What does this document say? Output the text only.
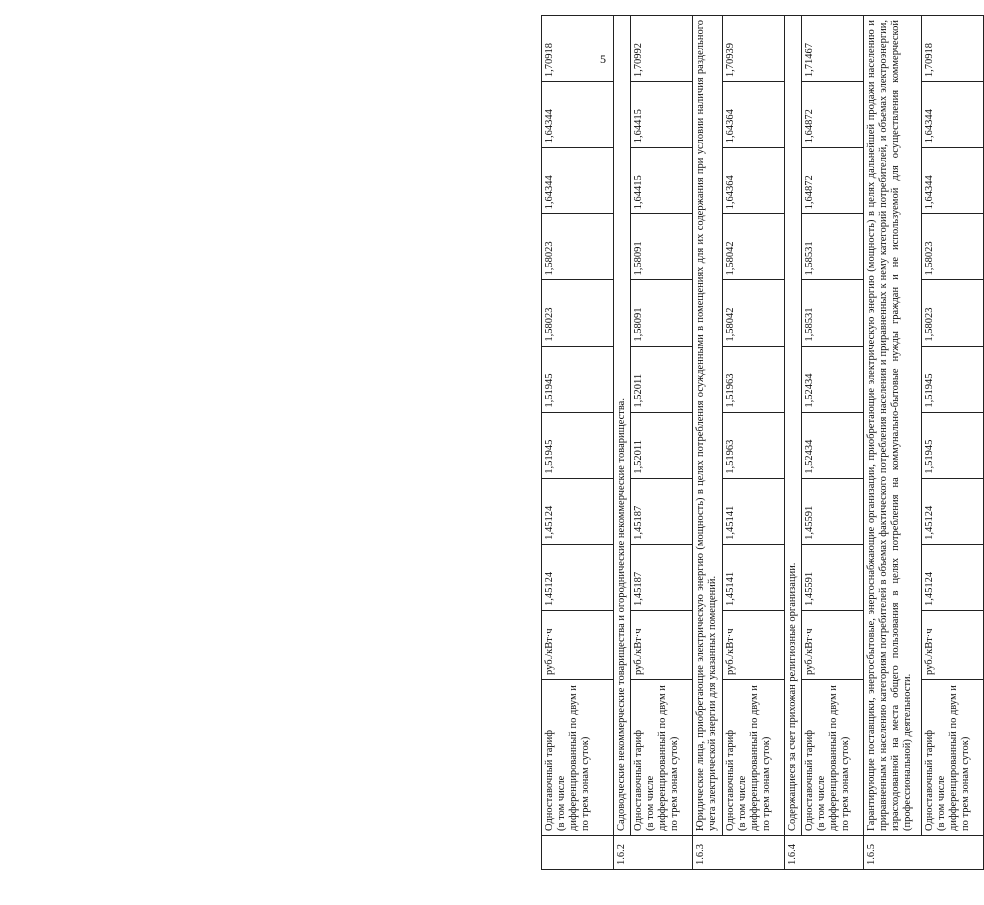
5

	Одноставочный тариф (в том числе дифференцированный по двум и по трем зонам суток)	руб./кВт·ч	1,45124	1,45124	1,51945	1,51945	1,58023	1,58023	1,64344	1,64344	1,70918
1.6.2	Садоводческие некоммерческие товарищества и огороднические некоммерческие товарищества.										

	Одноставочный тариф (в том числе дифференцированный по двум и по трем зонам суток)	руб./кВт·ч	1,45187	1,45187	1,52011	1,52011	1,58091	1,58091	1,64415	1,64415	1,70992
1.6.3	Юридические лица, приобретающие электрическую энергию (мощность) в целях потребления осужденными в помещениях для их содержания при условии наличия раздельного учета электрической энергии для указанных помещений.										

	Одноставочный тариф (в том числе дифференцированный по двум и по трем зонам суток)	руб./кВт·ч	1,45141	1,45141	1,51963	1,51963	1,58042	1,58042	1,64364	1,64364	1,70939
1.6.4	Содержащиеся за счет прихожан религиозные организации.										

	Одноставочный тариф (в том числе дифференцированный по двум и по трем зонам суток)	руб./кВт·ч	1,45591	1,45591	1,52434	1,52434	1,58531	1,58531	1,64872	1,64872	1,71467
1.6.5	Гарантирующие поставщики, энергосбытовые, энергоснабжающие организации, приобретающие электрическую энергию (мощность) в целях дальнейшей продажи населению и приравненным к населению категориям потребителей в объемах фактического потребления населения и приравненных к нему категорий потребителей, и объемах электроэнергии, израсходованной на места общего пользования в целях потребления на коммунально-бытовые нужды граждан и не используемой для осуществления коммерческой (профессиональной) деятельности.										

	Одноставочный тариф (в том числе дифференцированный по двум и по трем зонам суток)	руб./кВт·ч	1,45124	1,45124	1,51945	1,51945	1,58023	1,58023	1,64344	1,64344	1,70918
